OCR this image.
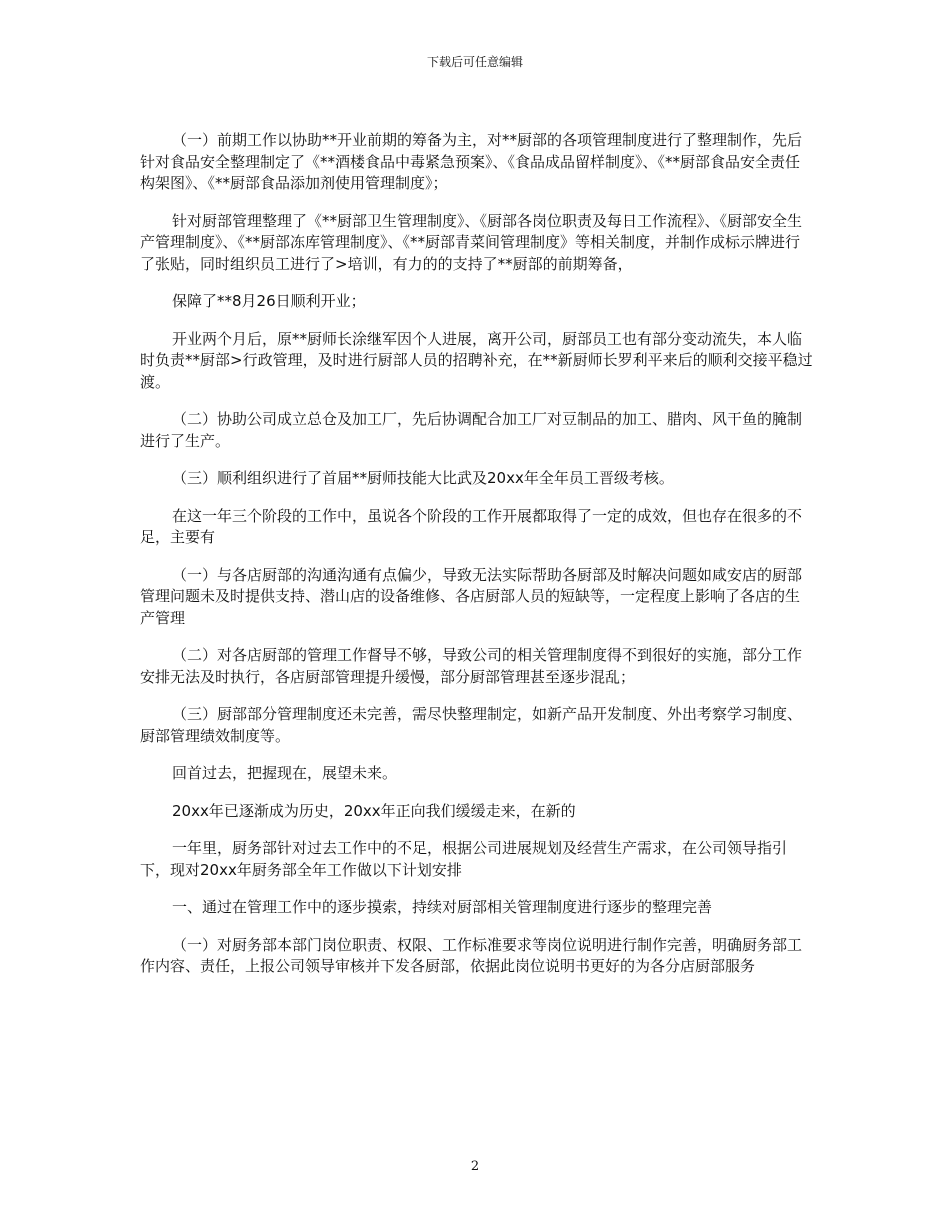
下载后可任意编辑

（一）前期工作以协助**开业前期的筹备为主，对**厨部的各项管理制度进行了整理制作，先后针对食品安全整理制定了《**酒楼食品中毒紧急预案》、《食品成品留样制度》、《**厨部食品安全责任构架图》、《**厨部食品添加剂使用管理制度》；

针对厨部管理整理了《**厨部卫生管理制度》、《厨部各岗位职责及每日工作流程》、《厨部安全生产管理制度》、《**厨部冻库管理制度》、《**厨部青菜间管理制度》等相关制度，并制作成标示牌进行了张贴，同时组织员工进行了>培训，有力的的支持了**厨部的前期筹备，

保障了**8月26日顺利开业；

开业两个月后，原**厨师长涂继军因个人进展，离开公司，厨部员工也有部分变动流失，本人临时负责**厨部>行政管理，及时进行厨部人员的招聘补充，在**新厨师长罗利平来后的顺利交接平稳过渡。

（二）协助公司成立总仓及加工厂，先后协调配合加工厂对豆制品的加工、腊肉、风干鱼的腌制进行了生产。

（三）顺利组织进行了首届**厨师技能大比武及20xx年全年员工晋级考核。

在这一年三个阶段的工作中，虽说各个阶段的工作开展都取得了一定的成效，但也存在很多的不足，主要有

（一）与各店厨部的沟通沟通有点偏少，导致无法实际帮助各厨部及时解决问题如咸安店的厨部管理问题未及时提供支持、潜山店的设备维修、各店厨部人员的短缺等，一定程度上影响了各店的生产管理

（二）对各店厨部的管理工作督导不够，导致公司的相关管理制度得不到很好的实施，部分工作安排无法及时执行，各店厨部管理提升缓慢，部分厨部管理甚至逐步混乱；

（三）厨部部分管理制度还未完善，需尽快整理制定，如新产品开发制度、外出考察学习制度、厨部管理绩效制度等。

回首过去，把握现在，展望未来。

20xx年已逐渐成为历史，20xx年正向我们缓缓走来，在新的

一年里，厨务部针对过去工作中的不足，根据公司进展规划及经营生产需求，在公司领导指引下，现对20xx年厨务部全年工作做以下计划安排

一、通过在管理工作中的逐步摸索，持续对厨部相关管理制度进行逐步的整理完善

（一）对厨务部本部门岗位职责、权限、工作标准要求等岗位说明进行制作完善，明确厨务部工作内容、责任，上报公司领导审核并下发各厨部，依据此岗位说明书更好的为各分店厨部服务

2
